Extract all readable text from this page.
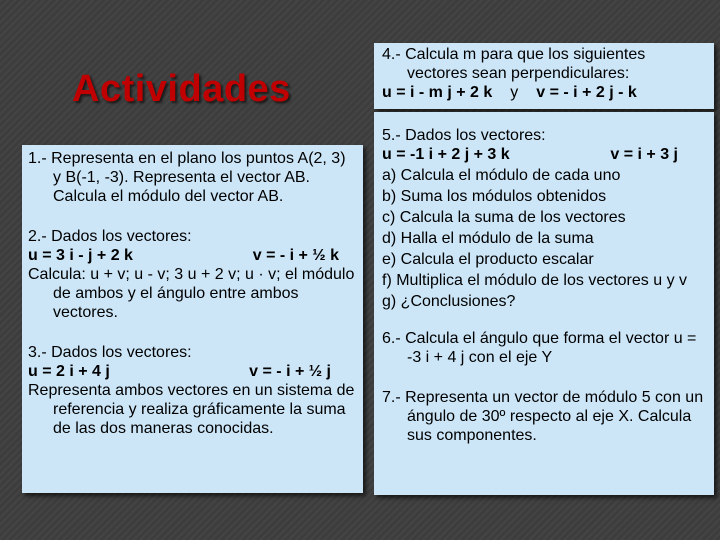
Actividades

1.- Representa en el plano los puntos A(2, 3) y B(-1, -3). Representa el vector AB. Calcula el módulo del vector AB.

2.- Dados los vectores:

u = 3 i - j + 2 k	v = - i + ½ k

Calcula: u + v; u - v; 3 u + 2 v; u · v; el módulo de ambos y el ángulo entre ambos vectores.

3.- Dados los vectores:

u = 2 i + 4 j	v = - i + ½ j

Representa ambos vectores en un sistema de referencia y realiza gráficamente la suma de las dos maneras conocidas.

4.- Calcula m para que los siguientes vectores sean perpendiculares:

u = i - m j + 2 k y v = - i + 2 j - k

5.- Dados los vectores:

u = -1 i + 2 j + 3 k	v = i + 3 j

a) Calcula el módulo de cada uno

b) Suma los módulos obtenidos

c) Calcula la suma de los vectores

d) Halla el módulo de la suma

e) Calcula el producto escalar

f) Multiplica el módulo de los vectores u y v

g) ¿Conclusiones?

6.- Calcula el ángulo que forma el vector u = -3 i + 4 j con el eje Y

7.- Representa un vector de módulo 5 con un ángulo de 30º respecto al eje X. Calcula sus componentes.
